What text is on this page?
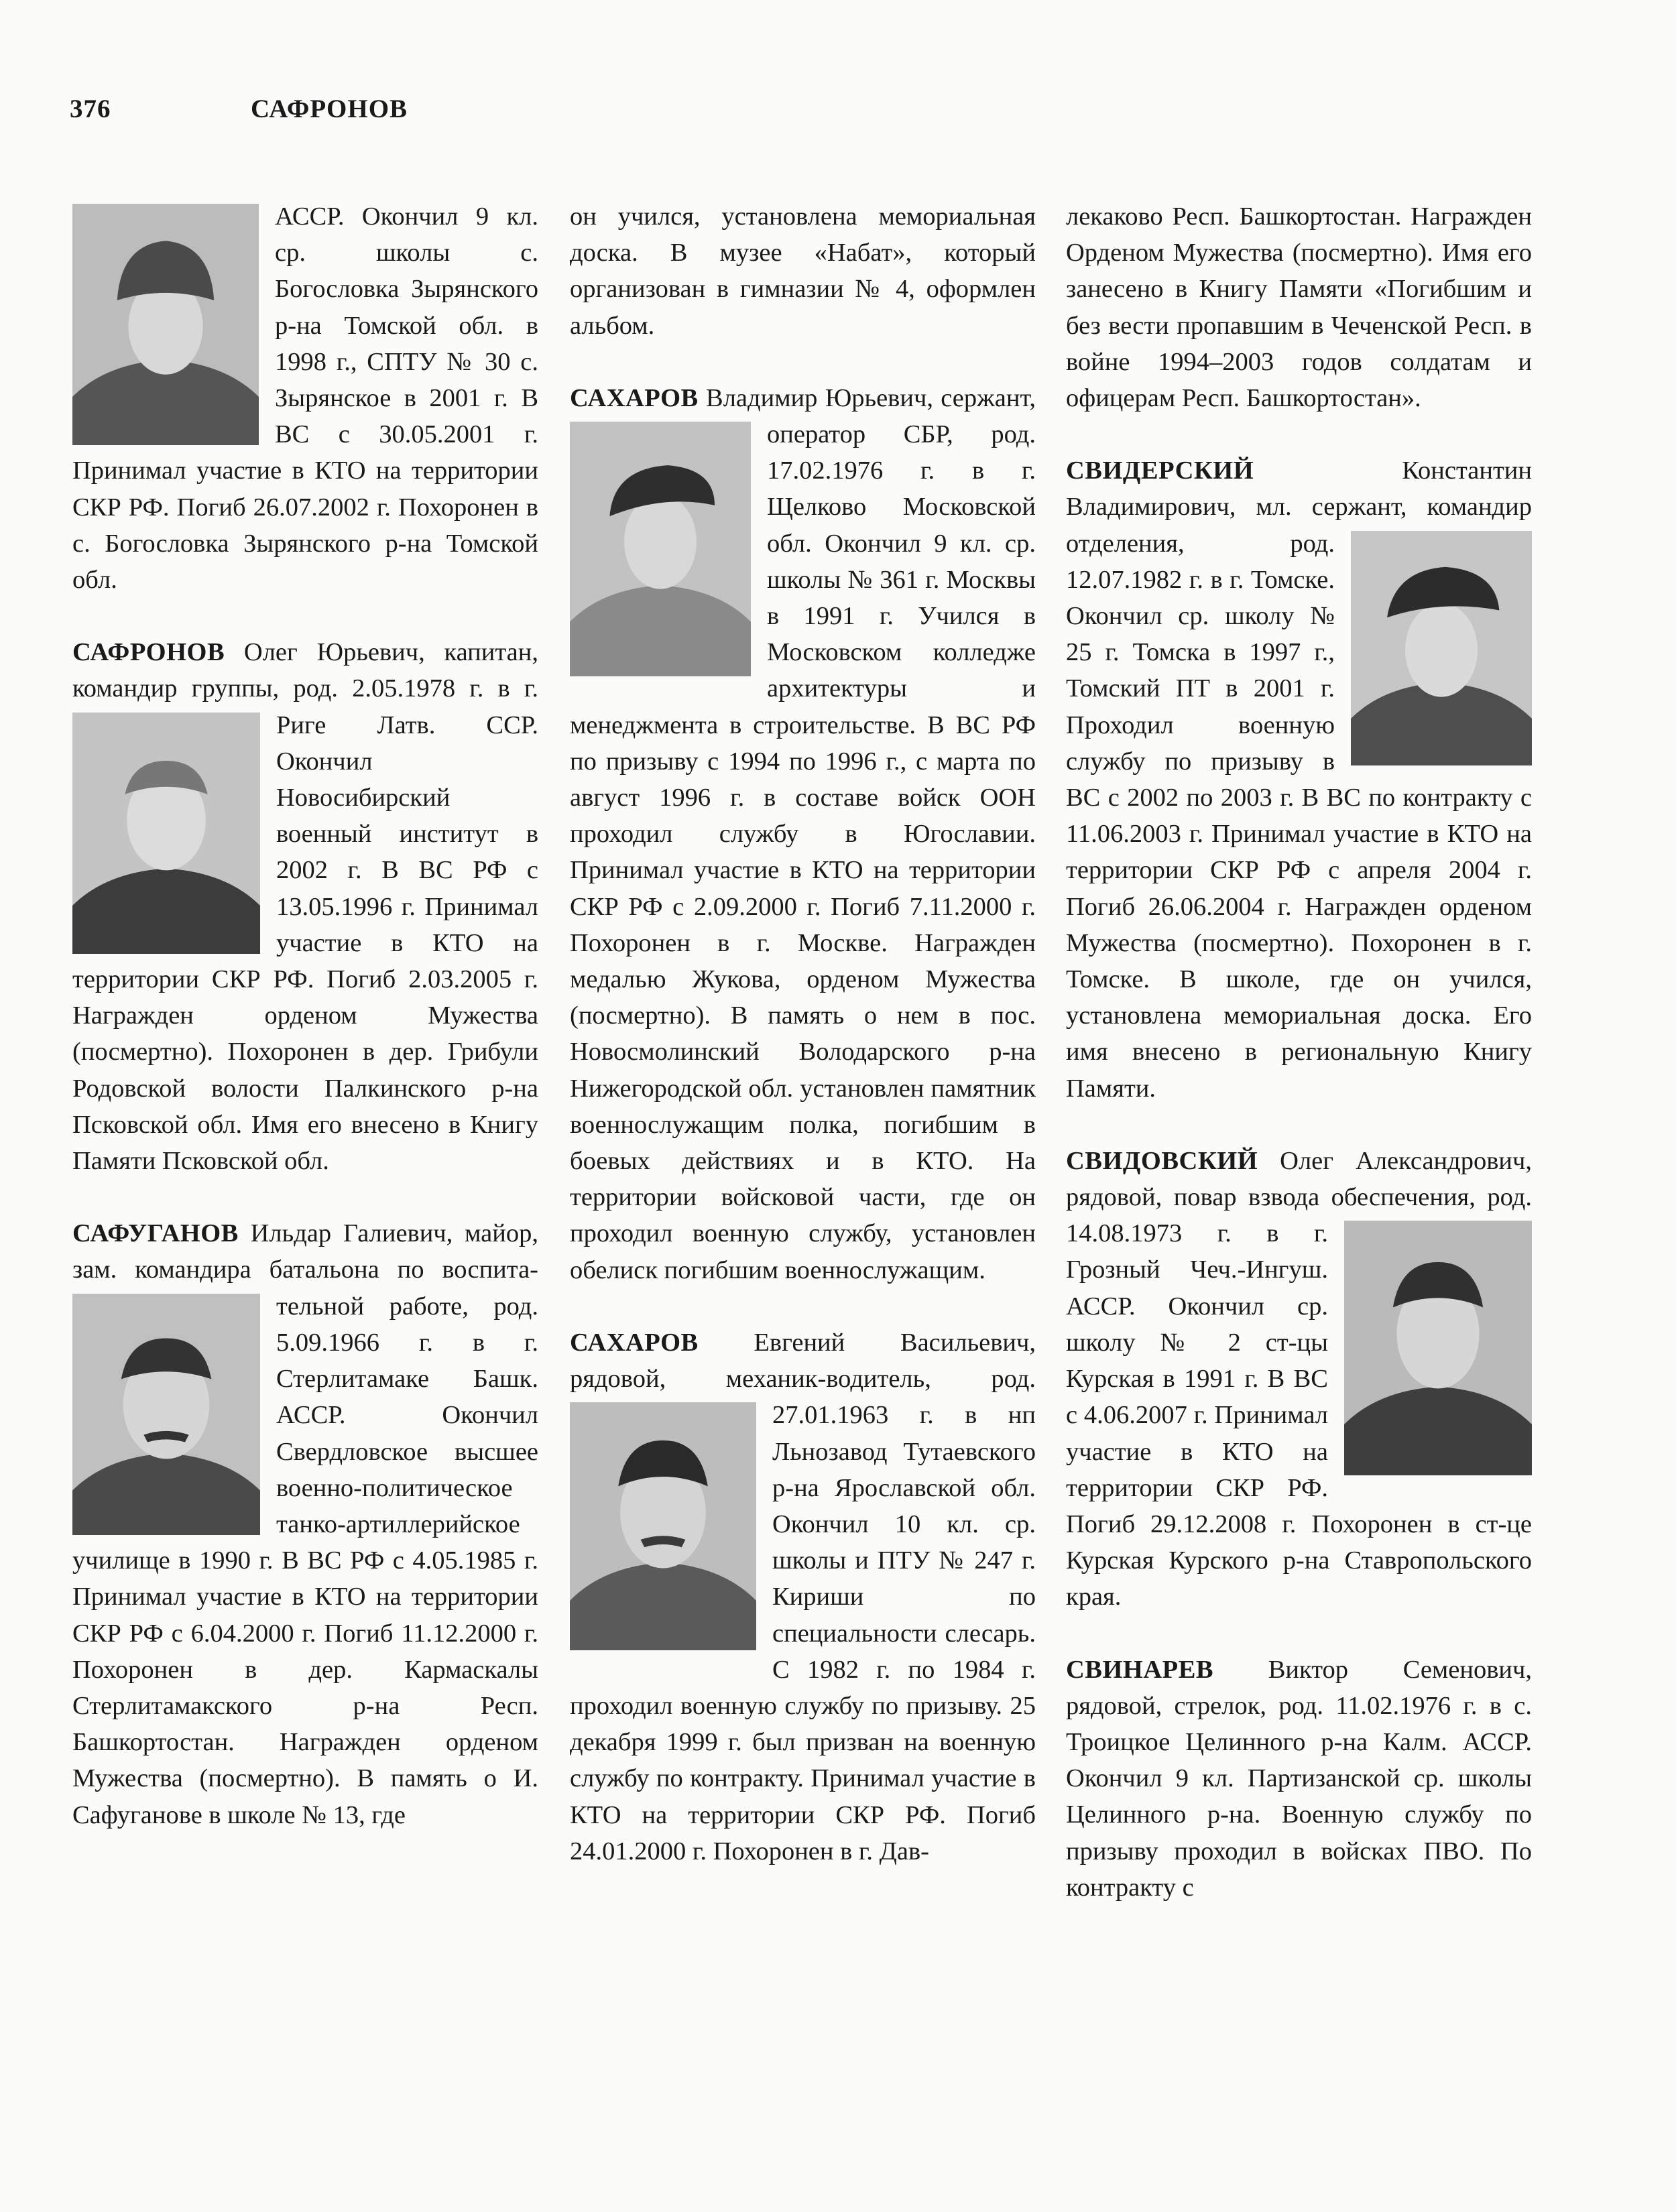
376	САФРОНОВ
АССР. Окончил 9 кл. ср. школы с. Богословка Зырянского р-на Томской обл. в 1998 г., СПТУ № 30 с. Зырянское в 2001 г. В ВС с 30.05.2001 г. Принимал участие в КТО на территории СКР РФ. Погиб 26.07.2002 г. Похоронен в с. Богословка Зырянского р-на Томской обл.
САФРОНОВ Олег Юрьевич, капитан, командир группы, род. 2.05.1978 г. в г. Риге Латв. ССР. Окончил Новосибирский военный институт в 2002 г. В ВС РФ с 13.05.1996 г. Принимал участие в КТО на территории СКР РФ. Погиб 2.03.2005 г. Награжден орденом Мужества (посмертно). Похоронен в дер. Грибули Родовской волости Палкинского р-на Псковской обл. Имя его внесено в Книгу Памяти Псковской обл.
САФУГАНОВ Ильдар Галиевич, майор, зам. командира батальона по воспита-
тельной работе, род. 5.09.1966 г. в г. Стерлитамаке Башк. АССР. Окончил Свердловское высшее военно-политическое танко-артиллерийское училище в 1990 г. В ВС РФ с 4.05.1985 г. Принимал участие в КТО на территории СКР РФ с 6.04.2000 г. Погиб 11.12.2000 г. Похоронен в дер. Кармаскалы Стерлитамакского р-на Респ. Башкортостан. Награжден орденом Мужества (посмертно). В память о И. Сафуганове в школе № 13, где
он учился, установлена мемориальная доска. В музее «Набат», который организован в гимназии № 4, оформлен альбом.
САХАРОВ Владимир Юрьевич, сержант, оператор СБР, род.
17.02.1976 г. в г. Щелково Московской обл. Окончил 9 кл. ср. школы № 361 г. Москвы в 1991 г. Учился в Московском колледже архитектуры и менеджмента в строительстве. В ВС РФ по призыву с 1994 по 1996 г., с марта по август 1996 г. в составе войск ООН проходил службу в Югославии. Принимал участие в КТО на территории СКР РФ с 2.09.2000 г. Погиб 7.11.2000 г. Похоронен в г. Москве. Награжден медалью Жукова, орденом Мужества (посмертно). В память о нем в пос. Новосмолинский Володарского р-на Нижегородской обл. установлен памятник военнослужащим полка, погибшим в боевых действиях и в КТО. На территории войсковой части, где он проходил военную службу, установлен обелиск погибшим военнослужащим.
САХАРОВ Евгений Васильевич, рядовой, механик-водитель, род.
27.01.1963 г. в нп Льнозавод Тутаевского р-на Ярославской обл. Окончил 10 кл. ср. школы и ПТУ № 247 г. Кириши по специальности слесарь. С 1982 г. по 1984 г. проходил военную службу по призыву. 25 декабря 1999 г. был призван на военную службу по контракту. Принимал участие в КТО на территории СКР РФ. Погиб 24.01.2000 г. Похоронен в г. Дав-
лекаково Респ. Башкортостан. Награжден Орденом Мужества (посмертно). Имя его занесено в Книгу Памяти «Погибшим и без вести пропавшим в Чеченской Респ. в войне 1994–2003 годов солдатам и офицерам Респ. Башкортостан».
СВИДЕРСКИЙ Константин Владимирович, мл. сержант, командир
отделения, род. 12.07.1982 г. в г. Томске. Окончил ср. школу № 25 г. Томска в 1997 г., Томский ПТ в 2001 г. Проходил военную службу по призыву в ВС с 2002 по 2003 г. В ВС по контракту с 11.06.2003 г. Принимал участие в КТО на территории СКР РФ с апреля 2004 г. Погиб 26.06.2004 г. Награжден орденом Мужества (посмертно). Похоронен в г. Томске. В школе, где он учился, установлена мемориальная доска. Его имя внесено в региональную Книгу Памяти.
СВИДОВСКИЙ Олег Александрович, рядовой, повар взвода обеспечения, род. 14.08.1973 г. в г. Грозный Чеч.-Ингуш. АССР. Окончил ср. школу № 2 ст-цы Курская в 1991 г. В ВС с 4.06.2007 г. Принимал участие в КТО на территории СКР РФ. Погиб 29.12.2008 г. Похоронен в ст-це Курская Курского р-на Ставропольского края.
СВИНАРЕВ Виктор Семенович, рядовой, стрелок, род. 11.02.1976 г. в с. Троицкое Целинного р-на Калм. АССР. Окончил 9 кл. Партизанской ср. школы Целинного р-на. Военную службу по призыву проходил в войсках ПВО. По контракту с
